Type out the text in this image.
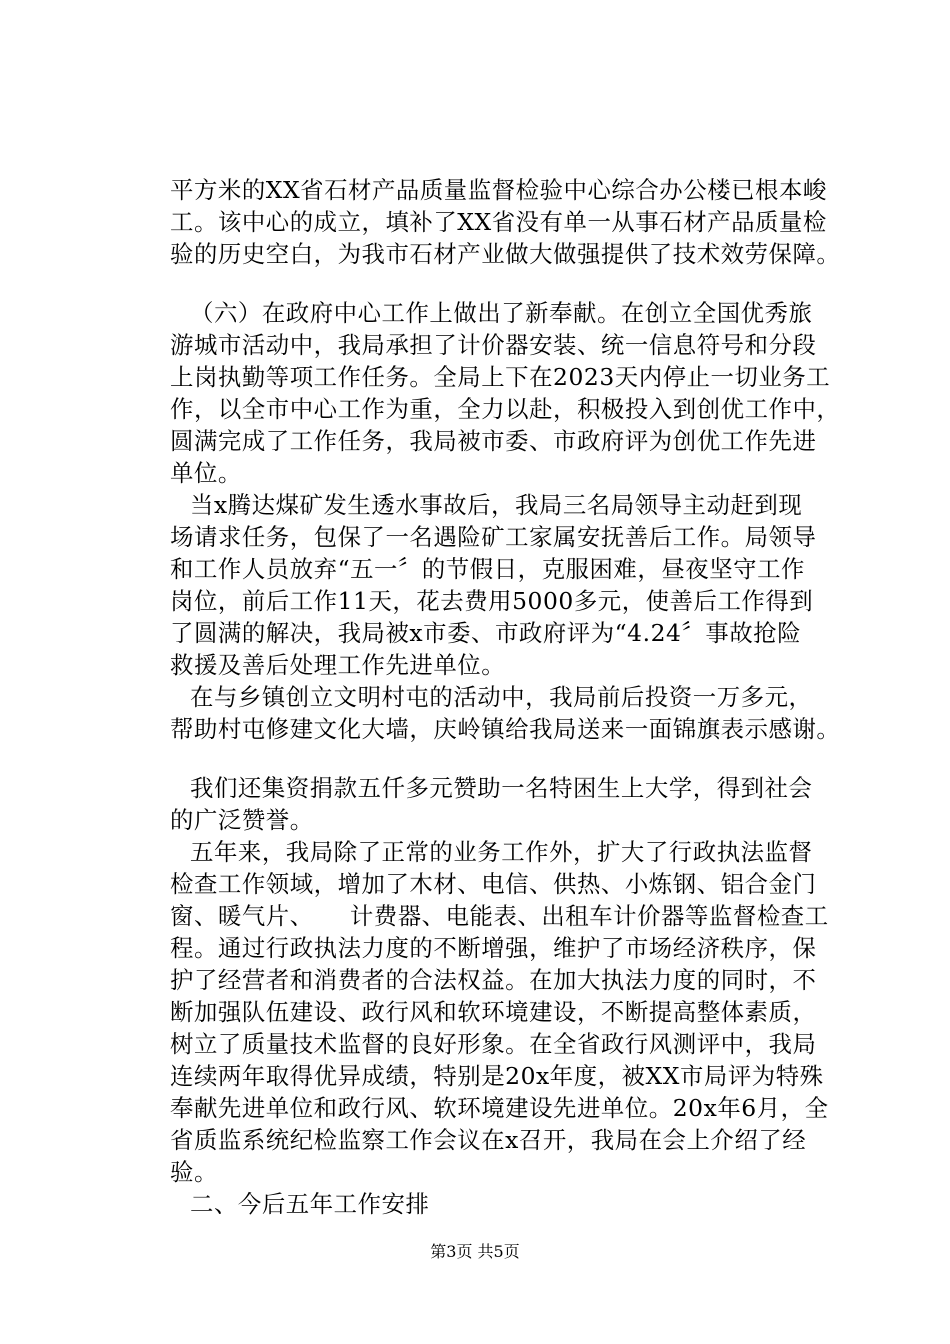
平方米的XX省石材产品质量监督检验中心综合办公楼已根本峻
工。该中心的成立，填补了XX省没有单一从事石材产品质量检
验的历史空白，为我市石材产业做大做强提供了技术效劳保障。
（六）在政府中心工作上做出了新奉献。在创立全国优秀旅
游城市活动中，我局承担了计价器安装、统一信息符号和分段
上岗执勤等项工作任务。全局上下在2023天内停止一切业务工
作，以全市中心工作为重，全力以赴，积极投入到创优工作中，
圆满完成了工作任务，我局被市委、市政府评为创优工作先进
单位。
当x腾达煤矿发生透水事故后，我局三名局领导主动赶到现
场请求任务，包保了一名遇险矿工家属安抚善后工作。局领导
和工作人员放弃“五一〞的节假日，克服困难，昼夜坚守工作
岗位，前后工作11天，花去费用5000多元，使善后工作得到
了圆满的解决，我局被x市委、市政府评为“4.24〞事故抢险
救援及善后处理工作先进单位。
在与乡镇创立文明村屯的活动中，我局前后投资一万多元，
帮助村屯修建文化大墙，庆岭镇给我局送来一面锦旗表示感谢。
我们还集资捐款五仟多元赞助一名特困生上大学，得到社会
的广泛赞誉。
五年来，我局除了正常的业务工作外，扩大了行政执法监督
检查工作领域，增加了木材、电信、供热、小炼钢、铝合金门
窗、暖气片、　　计费器、电能表、出租车计价器等监督检查工
程。通过行政执法力度的不断增强，维护了市场经济秩序，保
护了经营者和消费者的合法权益。在加大执法力度的同时，不
断加强队伍建设、政行风和软环境建设，不断提高整体素质，
树立了质量技术监督的良好形象。在全省政行风测评中，我局
连续两年取得优异成绩，特别是20x年度，被XX市局评为特殊
奉献先进单位和政行风、软环境建设先进单位。20x年6月，全
省质监系统纪检监察工作会议在x召开，我局在会上介绍了经
验。
二、今后五年工作安排
第3页 共5页
